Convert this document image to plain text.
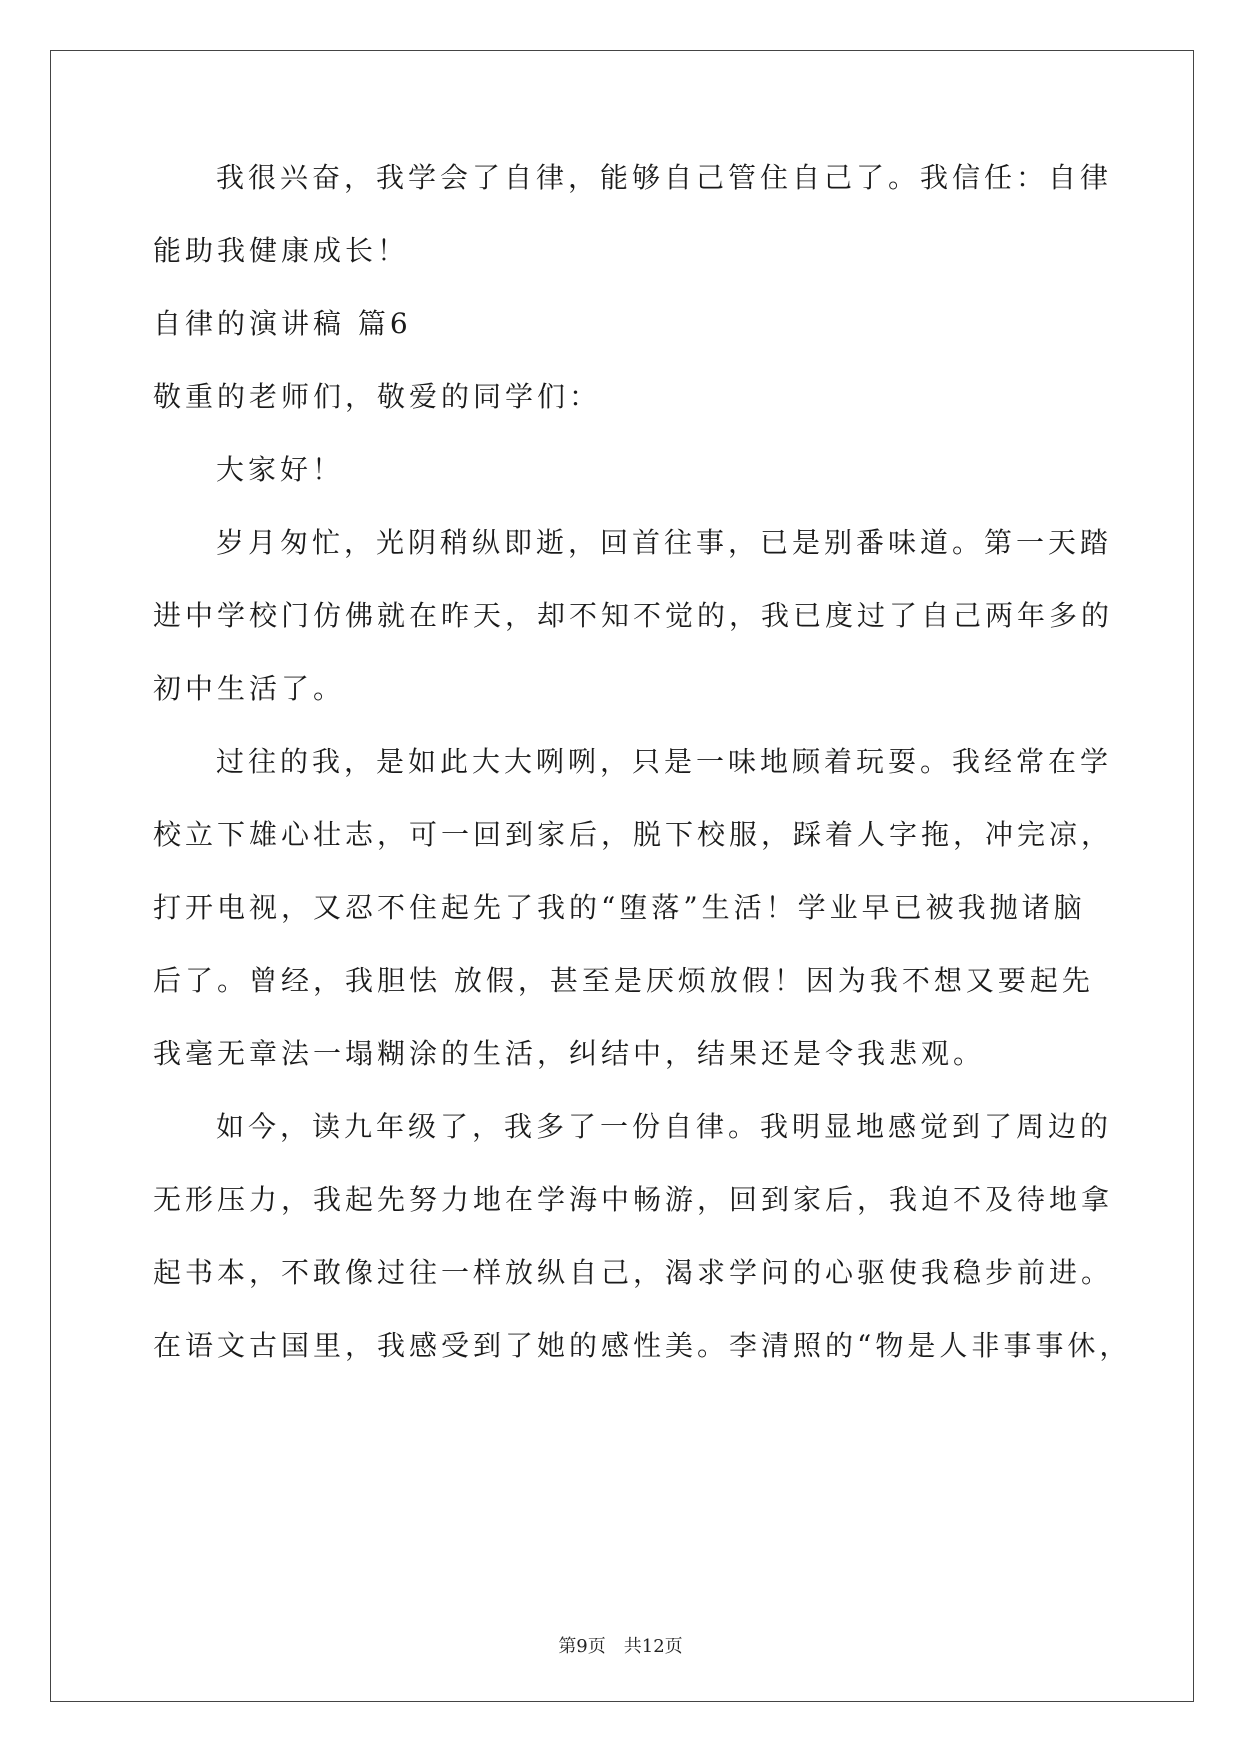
我很兴奋，我学会了自律，能够自己管住自己了。我信任：自律

能助我健康成长！

自律的演讲稿 篇6

敬重的老师们，敬爱的同学们：

大家好！

岁月匆忙，光阴稍纵即逝，回首往事，已是别番味道。第一天踏

进中学校门仿佛就在昨天，却不知不觉的，我已度过了自己两年多的

初中生活了。

过往的我，是如此大大咧咧，只是一味地顾着玩耍。我经常在学

校立下雄心壮志，可一回到家后，脱下校服，踩着人字拖，冲完凉，

打开电视，又忍不住起先了我的“堕落”生活！学业早已被我抛诸脑

后了。曾经，我胆怯 放假，甚至是厌烦放假！因为我不想又要起先

我毫无章法一塌糊涂的生活，纠结中，结果还是令我悲观。

如今，读九年级了，我多了一份自律。我明显地感觉到了周边的

无形压力，我起先努力地在学海中畅游，回到家后，我迫不及待地拿

起书本，不敢像过往一样放纵自己，渴求学问的心驱使我稳步前进。

在语文古国里，我感受到了她的感性美。李清照的“物是人非事事休，

第9页 共12页
